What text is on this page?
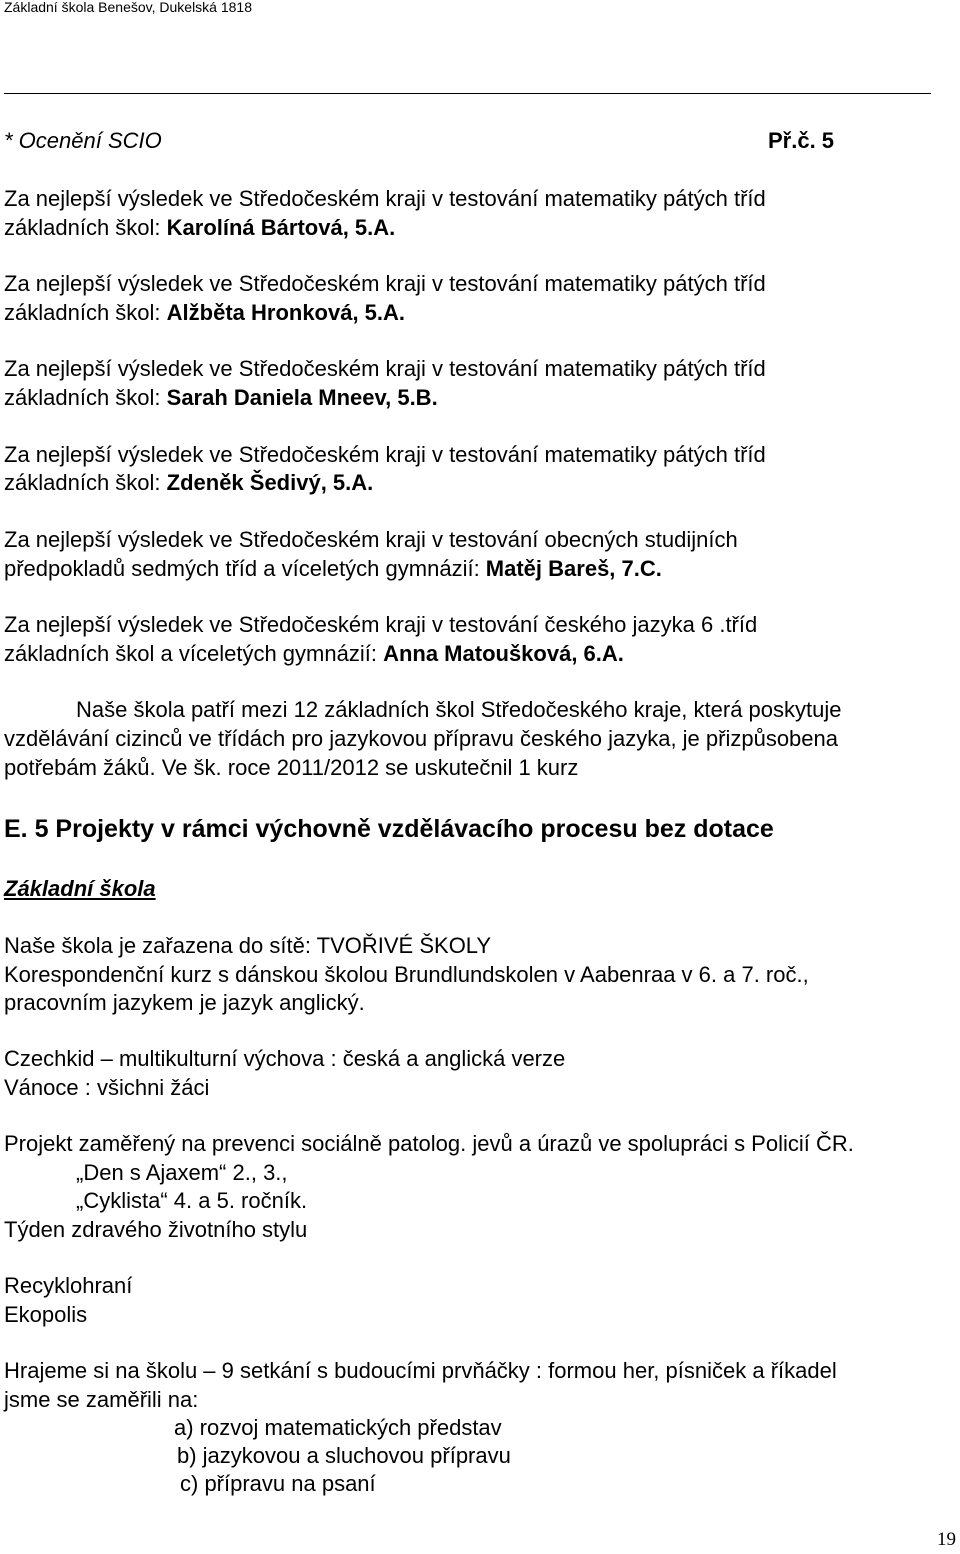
Základní škola Benešov, Dukelská 1818
* Ocenění SCIO	Př.č. 5
Za nejlepší výsledek ve Středočeském kraji v testování matematiky pátých tříd
základních škol: Karolíná Bártová, 5.A.
Za nejlepší výsledek ve Středočeském kraji v testování matematiky pátých tříd
základních škol: Alžběta Hronková, 5.A.
Za nejlepší výsledek ve Středočeském kraji v testování matematiky pátých tříd
základních škol: Sarah Daniela Mneev, 5.B.
Za nejlepší výsledek ve Středočeském kraji v testování matematiky pátých tříd
základních škol: Zdeněk Šedivý, 5.A.
Za nejlepší výsledek ve Středočeském kraji v testování obecných studijních
předpokladů sedmých tříd a víceletých gymnázií: Matěj Bareš, 7.C.
Za nejlepší výsledek ve Středočeském kraji v testování českého jazyka 6 .tříd
základních škol a víceletých gymnázií: Anna Matoušková, 6.A.
Naše škola patří mezi 12 základních škol Středočeského kraje, která poskytuje
vzdělávání cizinců ve třídách pro jazykovou přípravu českého jazyka, je přizpůsobena
potřebám žáků. Ve šk. roce 2011/2012 se uskutečnil 1 kurz
E. 5 Projekty v rámci výchovně vzdělávacího procesu bez dotace
Základní škola
Naše škola je zařazena do sítě: TVOŘIVÉ ŠKOLY
Korespondenční kurz s dánskou školou Brundlundskolen v Aabenraa v 6. a 7. roč.,
pracovním jazykem je jazyk anglický.
Czechkid – multikulturní výchova : česká a anglická verze
Vánoce : všichni žáci
Projekt zaměřený na prevenci sociálně patolog. jevů a úrazů ve spolupráci s Policií ČR.
„Den s Ajaxem“ 2., 3.,
„Cyklista“ 4. a 5. ročník.
Týden zdravého životního stylu
Recyklohraní
Ekopolis
Hrajeme si na školu – 9 setkání s budoucími prvňáčky : formou her, písniček a říkadel
jsme se zaměřili na:
a) rozvoj matematických představ
b) jazykovou a sluchovou přípravu
c) přípravu na psaní
19
